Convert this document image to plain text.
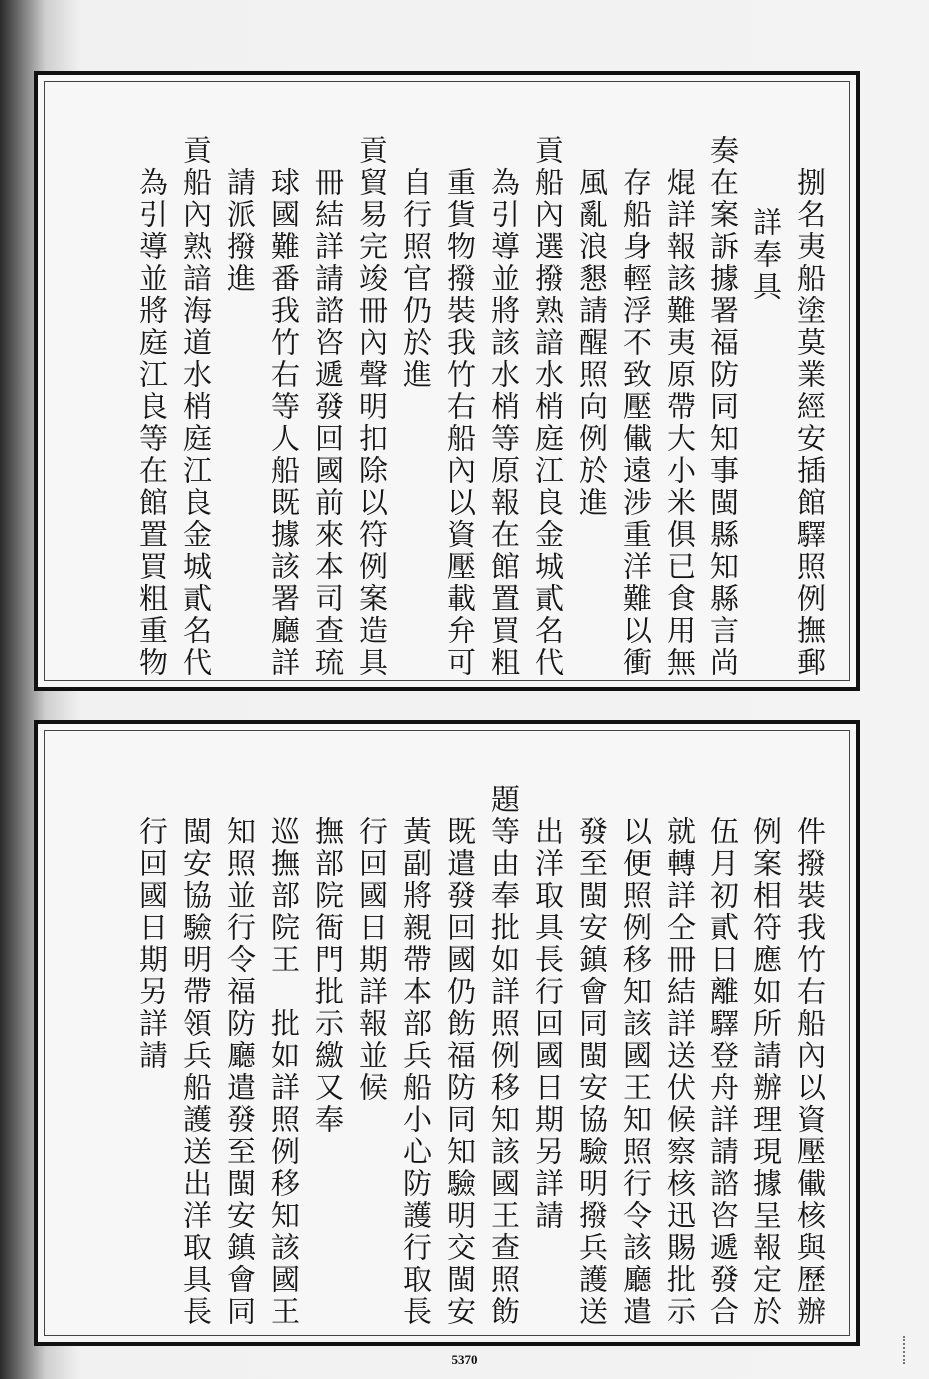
捌名夷船塗莫業經安插館驛照例撫郵
詳奉具
奏在案訴據署福防同知事閩縣知縣言尚
焜詳報該難夷原帶大小米俱已食用無
存船身輕浮不致壓儎遠涉重洋難以衝
風亂浪懇請醒照向例於進
貢船內選撥熟諳水梢庭江良金城貳名代
為引導並將該水梢等原報在館置買粗
重貨物撥裝我竹右船內以資壓載弁可
自行照官仍於進
貢貿易完竣冊內聲明扣除以符例案造具
冊結詳請諮咨遞發回國前來本司查琉
球國難番我竹右等人船既據該署廳詳
請派撥進
貢船內熟諳海道水梢庭江良金城貳名代
為引導並將庭江良等在館置買粗重物
件撥裝我竹右船內以資壓儎核與歷辦
例案相符應如所請辦理現據呈報定於
伍月初貳日離驛登舟詳請諮咨遞發合
就轉詳仝冊結詳送伏候察核迅賜批示
以便照例移知該國王知照行令該廳遣
發至閩安鎮會同閩安協驗明撥兵護送
出洋取具長行回國日期另詳請
題等由奉批如詳照例移知該國王查照飭
既遣發回國仍飭福防同知驗明交閩安
黃副將親帶本部兵船小心防護行取長
行回國日期詳報並候
撫部院衙門批示繳又奉
巡撫部院王　批如詳照例移知該國王
知照並行令福防廳遣發至閩安鎮會同
閩安協驗明帶領兵船護送出洋取具長
行回國日期另詳請
5370
